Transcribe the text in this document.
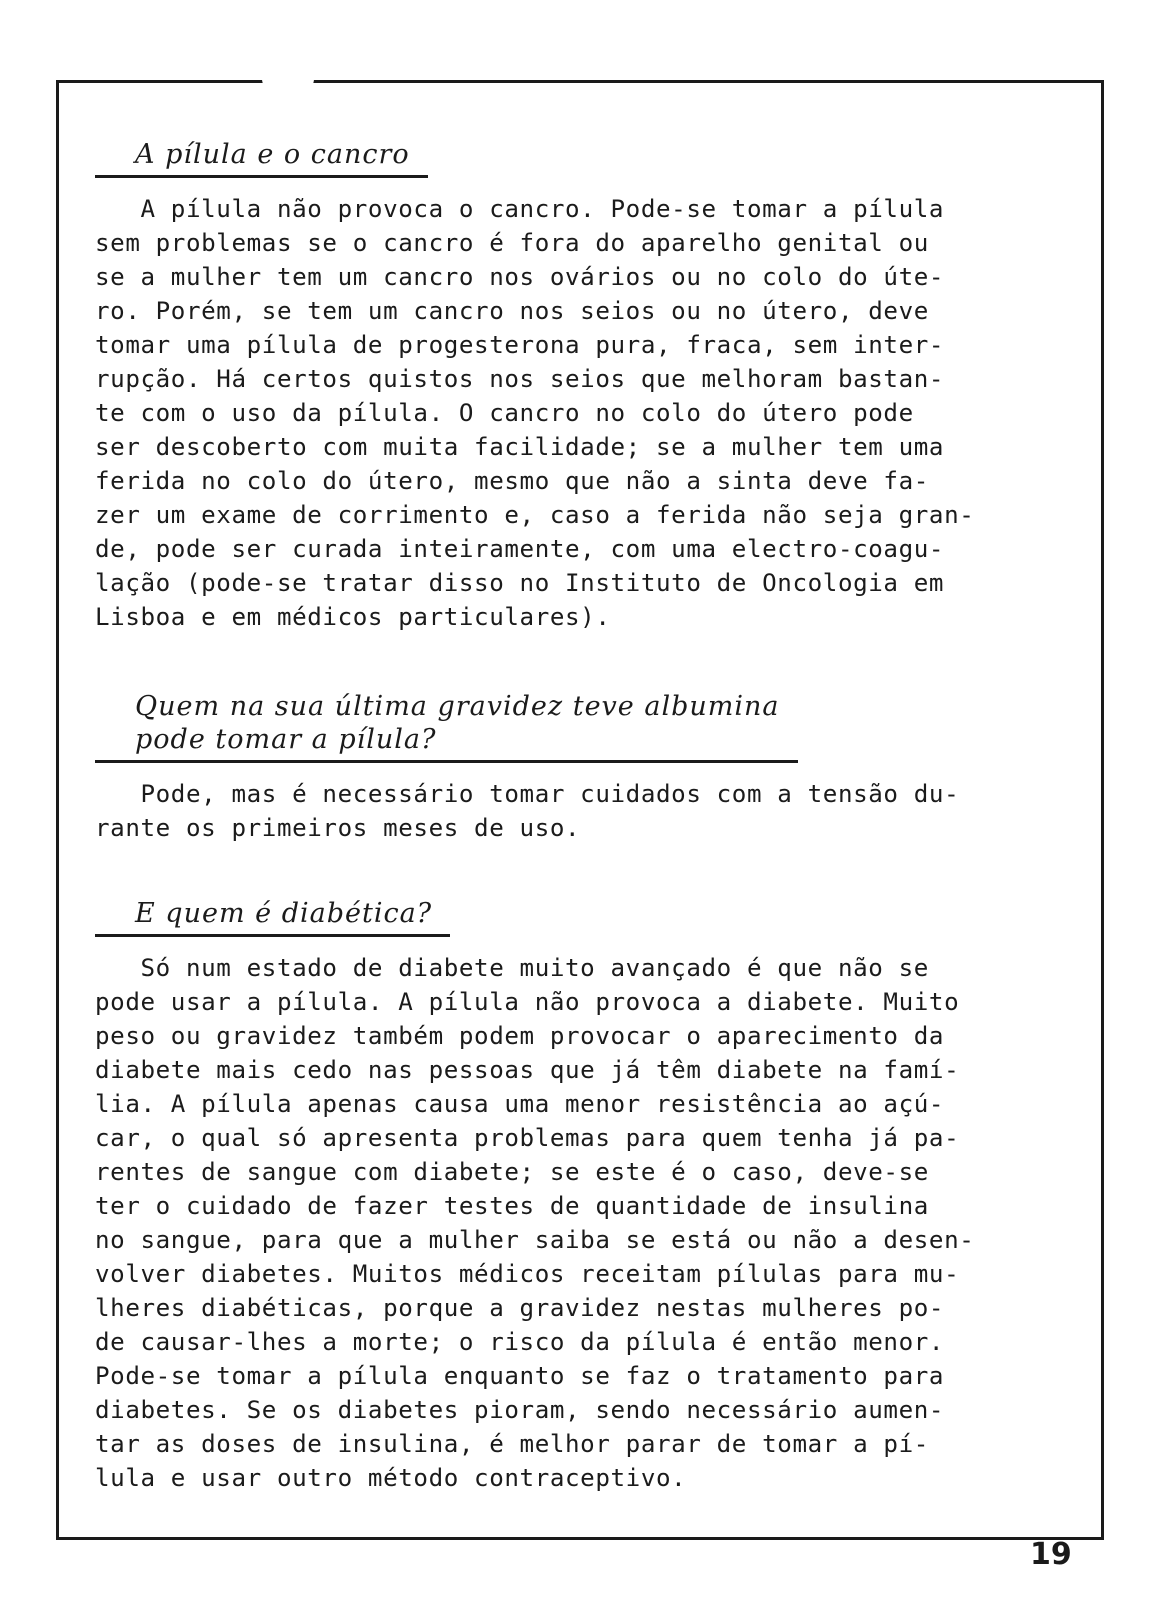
A pílula e o cancro
A pílula não provoca o cancro. Pode-se tomar a pílula
sem problemas se o cancro é fora do aparelho genital ou
se a mulher tem um cancro nos ovários ou no colo do úte-
ro. Porém, se tem um cancro nos seios ou no útero, deve
tomar uma pílula de progesterona pura, fraca, sem inter-
rupção. Há certos quistos nos seios que melhoram bastan-
te com o uso da pílula. O cancro no colo do útero pode
ser descoberto com muita facilidade; se a mulher tem uma
ferida no colo do útero, mesmo que não a sinta deve fa-
zer um exame de corrimento e, caso a ferida não seja gran-
de, pode ser curada inteiramente, com uma electro-coagu-
lação (pode-se tratar disso no Instituto de Oncologia em
Lisboa e em médicos particulares).
Quem na sua última gravidez teve albumina
pode tomar a pílula?
Pode, mas é necessário tomar cuidados com a tensão du-
rante os primeiros meses de uso.
E quem é diabética?
Só num estado de diabete muito avançado é que não se
pode usar a pílula. A pílula não provoca a diabete. Muito
peso ou gravidez também podem provocar o aparecimento da
diabete mais cedo nas pessoas que já têm diabete na famí-
lia. A pílula apenas causa uma menor resistência ao açú-
car, o qual só apresenta problemas para quem tenha já pa-
rentes de sangue com diabete; se este é o caso, deve-se
ter o cuidado de fazer testes de quantidade de insulina
no sangue, para que a mulher saiba se está ou não a desen-
volver diabetes. Muitos médicos receitam pílulas para mu-
lheres diabéticas, porque a gravidez nestas mulheres po-
de causar-lhes a morte; o risco da pílula é então menor.
Pode-se tomar a pílula enquanto se faz o tratamento para
diabetes. Se os diabetes pioram, sendo necessário aumen-
tar as doses de insulina, é melhor parar de tomar a pí-
lula e usar outro método contraceptivo.
19
